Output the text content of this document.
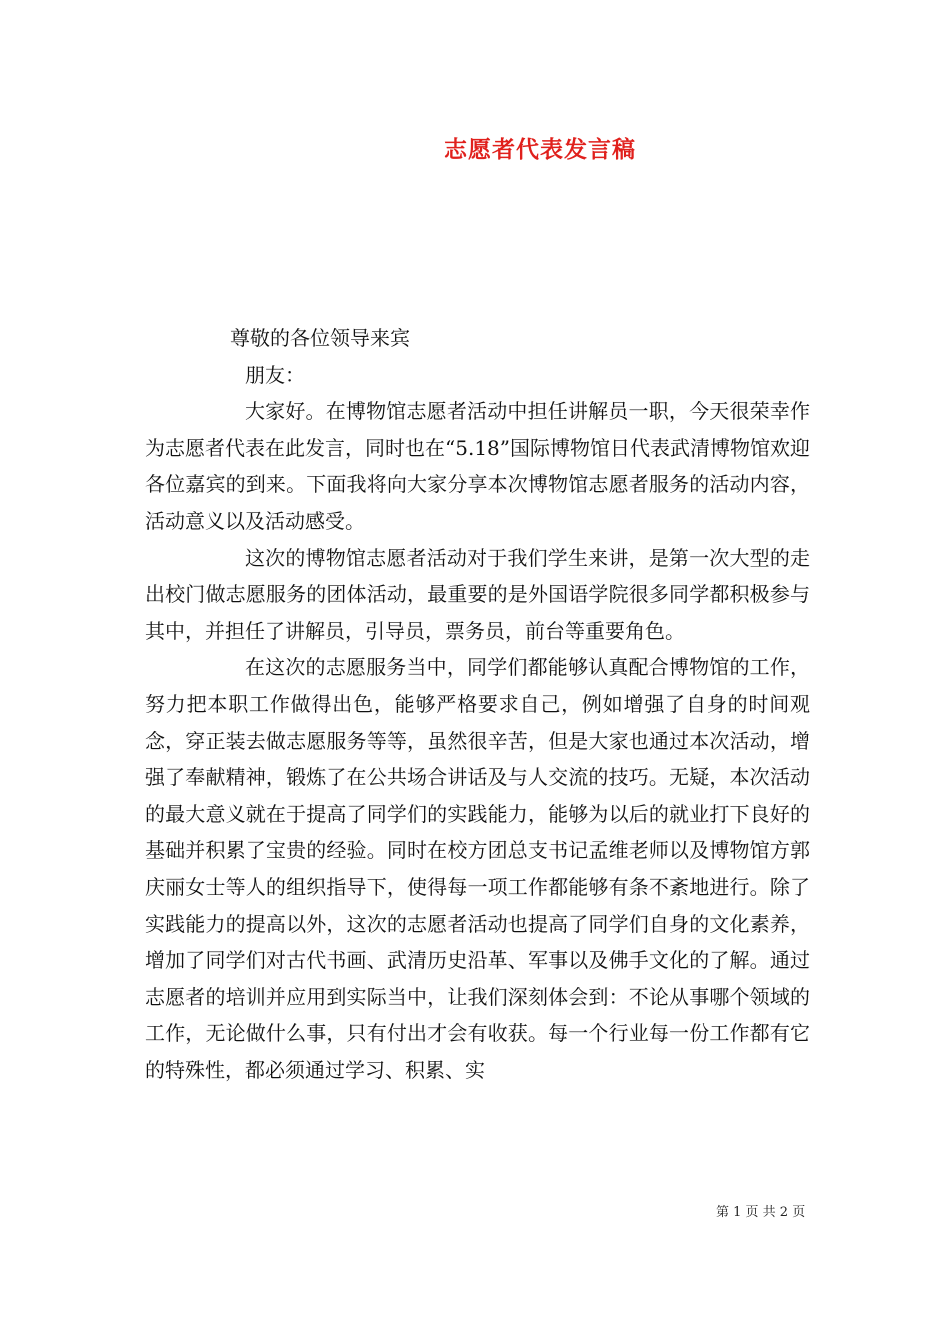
志愿者代表发言稿
尊敬的各位领导来宾
朋友：

大家好。在博物馆志愿者活动中担任讲解员一职，今天很荣幸作为志愿者代表在此发言，同时也在“5.18”国际博物馆日代表武清博物馆欢迎各位嘉宾的到来。下面我将向大家分享本次博物馆志愿者服务的活动内容，活动意义以及活动感受。

这次的博物馆志愿者活动对于我们学生来讲，是第一次大型的走出校门做志愿服务的团体活动，最重要的是外国语学院很多同学都积极参与其中，并担任了讲解员，引导员，票务员，前台等重要角色。

在这次的志愿服务当中，同学们都能够认真配合博物馆的工作，努力把本职工作做得出色，能够严格要求自己，例如增强了自身的时间观念，穿正装去做志愿服务等等，虽然很辛苦，但是大家也通过本次活动，增强了奉献精神，锻炼了在公共场合讲话及与人交流的技巧。无疑，本次活动的最大意义就在于提高了同学们的实践能力，能够为以后的就业打下良好的基础并积累了宝贵的经验。同时在校方团总支书记孟维老师以及博物馆方郭庆丽女士等人的组织指导下，使得每一项工作都能够有条不紊地进行。除了实践能力的提高以外，这次的志愿者活动也提高了同学们自身的文化素养，增加了同学们对古代书画、武清历史沿革、军事以及佛手文化的了解。通过志愿者的培训并应用到实际当中，让我们深刻体会到：不论从事哪个领域的工作，无论做什么事，只有付出才会有收获。每一个行业每一份工作都有它的特殊性，都必须通过学习、积累、实

第 1 页 共 2 页
